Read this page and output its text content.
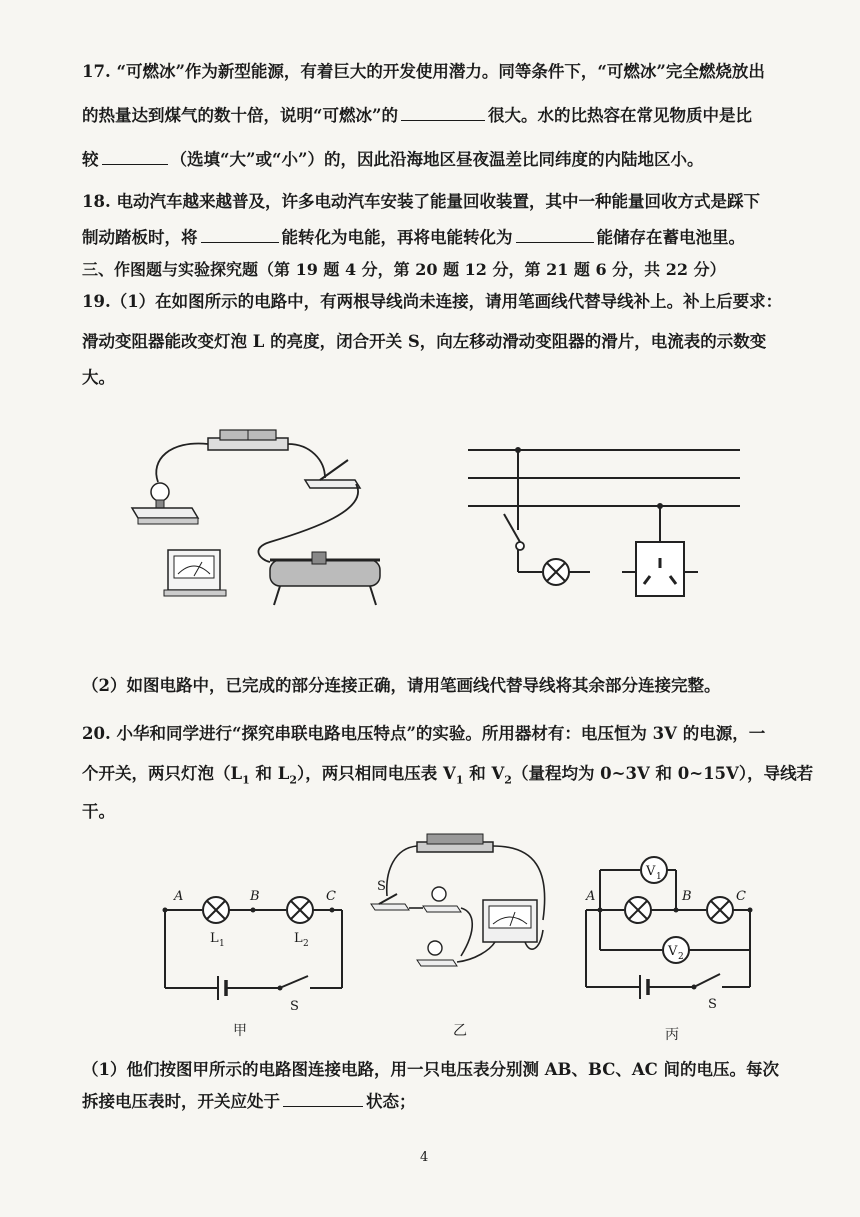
17. “可燃冰”作为新型能源，有着巨大的开发使用潜力。同等条件下，“可燃冰”完全燃烧放出
的热量达到煤气的数十倍，说明“可燃冰”的	很大。水的比热容在常见物质中是比
较	（选填“大”或“小”）的，因此沿海地区昼夜温差比同纬度的内陆地区小。
18. 电动汽车越来越普及，许多电动汽车安装了能量回收装置，其中一种能量回收方式是踩下
制动踏板时，将	能转化为电能，再将电能转化为	能储存在蓄电池里。
三、作图题与实验探究题（第 19 题 4 分，第 20 题 12 分，第 21 题 6 分，共 22 分）
19.（1）在如图所示的电路中，有两根导线尚未连接，请用笔画线代替导线补上。补上后要求：
滑动变阻器能改变灯泡 L 的亮度，闭合开关 S，向左移动滑动变阻器的滑片，电流表的示数变
大。
（2）如图电路中，已完成的部分连接正确，请用笔画线代替导线将其余部分连接完整。
20. 小华和同学进行“探究串联电路电压特点”的实验。所用器材有：电压恒为 3V 的电源，一
个开关，两只灯泡（$L_1$ 和 $L_2$），两只相同电压表 $V_1$ 和 $V_2$（量程均为 0~3V 和 0~15V），导线若
干。
A	B	C
L 1	L 2
S
甲
S
乙
V 1
A	B	C
V 2
S
丙
（1）他们按图甲所示的电路图连接电路，用一只电压表分别测 AB、BC、AC 间的电压。每次
拆接电压表时，开关应处于	状态；
4
